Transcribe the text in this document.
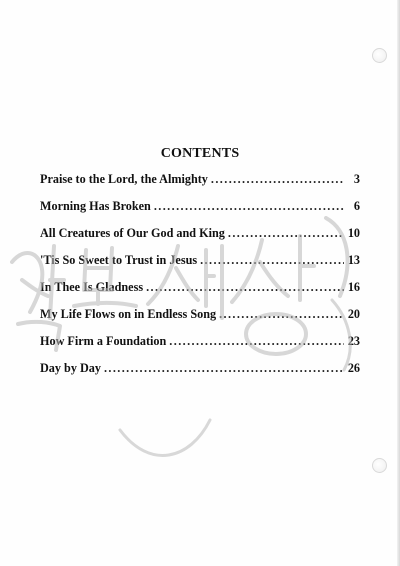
CONTENTS
Praise to the Lord, the Almighty .....	3
Morning Has Broken .....	6
All Creatures of Our God and King .....	10
'Tis So Sweet to Trust in Jesus .....	13
In Thee Is Gladness .....	16
My Life Flows on in Endless Song .....	20
How Firm a Foundation .....	23
Day by Day .....	26
